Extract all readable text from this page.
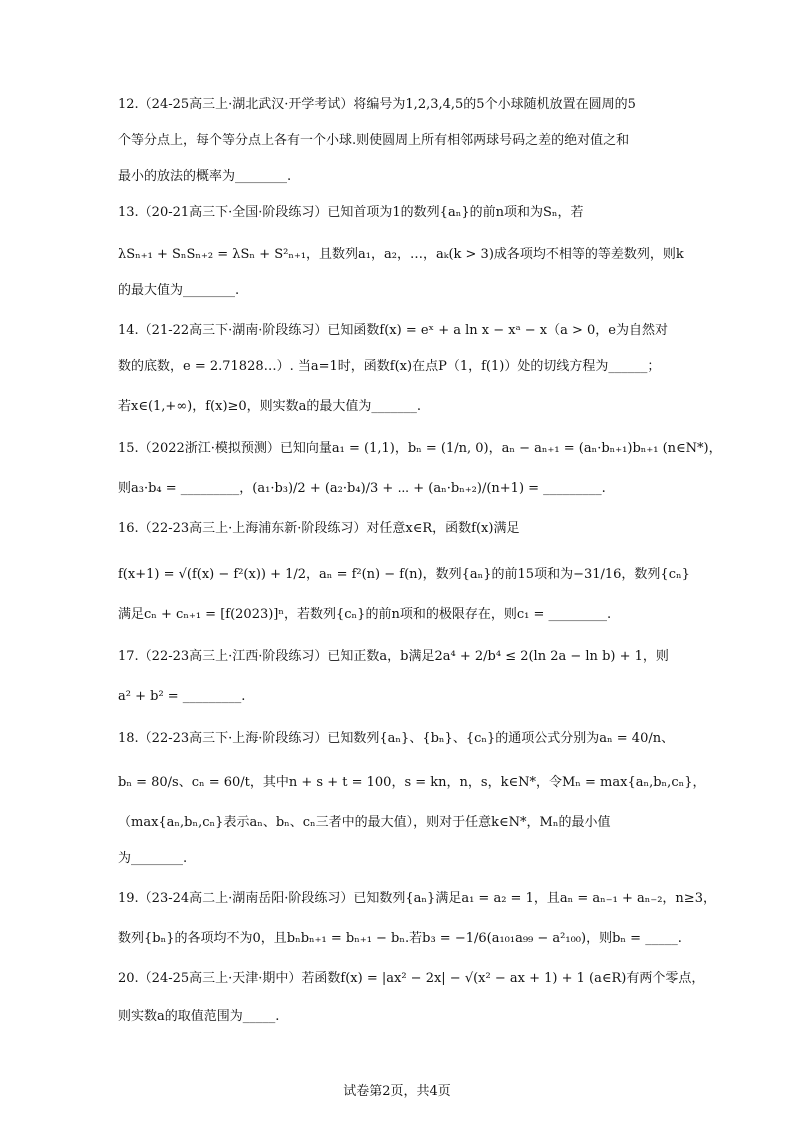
12.（24-25高三上·湖北武汉·开学考试）将编号为1,2,3,4,5的5个小球随机放置在圆周的5
个等分点上，每个等分点上各有一个小球.则使圆周上所有相邻两球号码之差的绝对值之和
最小的放法的概率为________.
13.（20-21高三下·全国·阶段练习）已知首项为1的数列{aₙ}的前n项和为Sₙ，若
λSₙ₊₁ + SₙSₙ₊₂ = λSₙ + S²ₙ₊₁，且数列a₁，a₂，…，aₖ(k > 3)成各项均不相等的等差数列，则k
的最大值为________.
14.（21-22高三下·湖南·阶段练习）已知函数f(x) = eˣ + a ln x − xᵃ − x（a > 0，e为自然对
数的底数，e = 2.71828…）. 当a=1时，函数f(x)在点P（1，f(1)）处的切线方程为______；
若x∈(1,+∞)，f(x)≥0，则实数a的最大值为_______.
15.（2022浙江·模拟预测）已知向量a₁ = (1,1)，bₙ = (1/n, 0)，aₙ − aₙ₊₁ = (aₙ·bₙ₊₁)bₙ₊₁ (n∈N*)，
则a₃·b₄ = _________，(a₁·b₃)/2 + (a₂·b₄)/3 + ⋯ + (aₙ·bₙ₊₂)/(n+1) = _________.
16.（22-23高三上·上海浦东新·阶段练习）对任意x∈R，函数f(x)满足
f(x+1) = √(f(x) − f²(x)) + 1/2，aₙ = f²(n) − f(n)，数列{aₙ}的前15项和为−31/16，数列{cₙ}
满足cₙ + cₙ₊₁ = [f(2023)]ⁿ，若数列{cₙ}的前n项和的极限存在，则c₁ = _________.
17.（22-23高三上·江西·阶段练习）已知正数a，b满足2a⁴ + 2/b⁴ ≤ 2(ln 2a − ln b) + 1，则
a² + b² = _________.
18.（22-23高三下·上海·阶段练习）已知数列{aₙ}、{bₙ}、{cₙ}的通项公式分别为aₙ = 40/n、
bₙ = 80/s、cₙ = 60/t，其中n + s + t = 100，s = kn，n，s，k∈N*，令Mₙ = max{aₙ,bₙ,cₙ}，
（max{aₙ,bₙ,cₙ}表示aₙ、bₙ、cₙ三者中的最大值），则对于任意k∈N*，Mₙ的最小值
为________.
19.（23-24高二上·湖南岳阳·阶段练习）已知数列{aₙ}满足a₁ = a₂ = 1，且aₙ = aₙ₋₁ + aₙ₋₂，n≥3，
数列{bₙ}的各项均不为0，且bₙbₙ₊₁ = bₙ₊₁ − bₙ.若b₃ = −1/6(a₁₀₁a₉₉ − a²₁₀₀)，则bₙ = _____.
20.（24-25高三上·天津·期中）若函数f(x) = |ax² − 2x| − √(x² − ax + 1) + 1 (a∈R)有两个零点，
则实数a的取值范围为_____.
试卷第2页，共4页
